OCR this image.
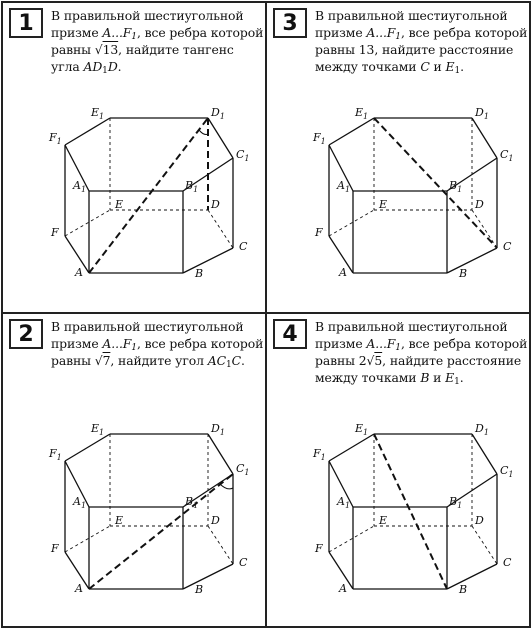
1	В правильной шестиугольной призме $A...F_1$, все ребра которой равны √13, найдите тангенс угла $AD_1D$.
$E_1$	$D_1$
$F_1$
$C_1$
$A_1$	$B_1$
E	D
F
C
A	B
3	В правильной шестиугольной призме $A...F_1$, все ребра которой равны 13, найдите расстояние между точками C и $E_1$.
$E_1$	$D_1$
$F_1$
$C_1$
$A_1$	$B_1$
E	D
F
C
A	B
2	В правильной шестиугольной призме $A...F_1$, все ребра которой равны √7, найдите угол $AC_1C$.
$E_1$	$D_1$
$F_1$
$C_1$
$A_1$	$B_1$
E	D
F
C
A	B
4	В правильной шестиугольной призме $A...F_1$, все ребра которой равны 2√5, найдите расстояние между точками B и $E_1$.
$E_1$	$D_1$
$F_1$
$C_1$
$A_1$	$B_1$
E	D
F
C
A	B
